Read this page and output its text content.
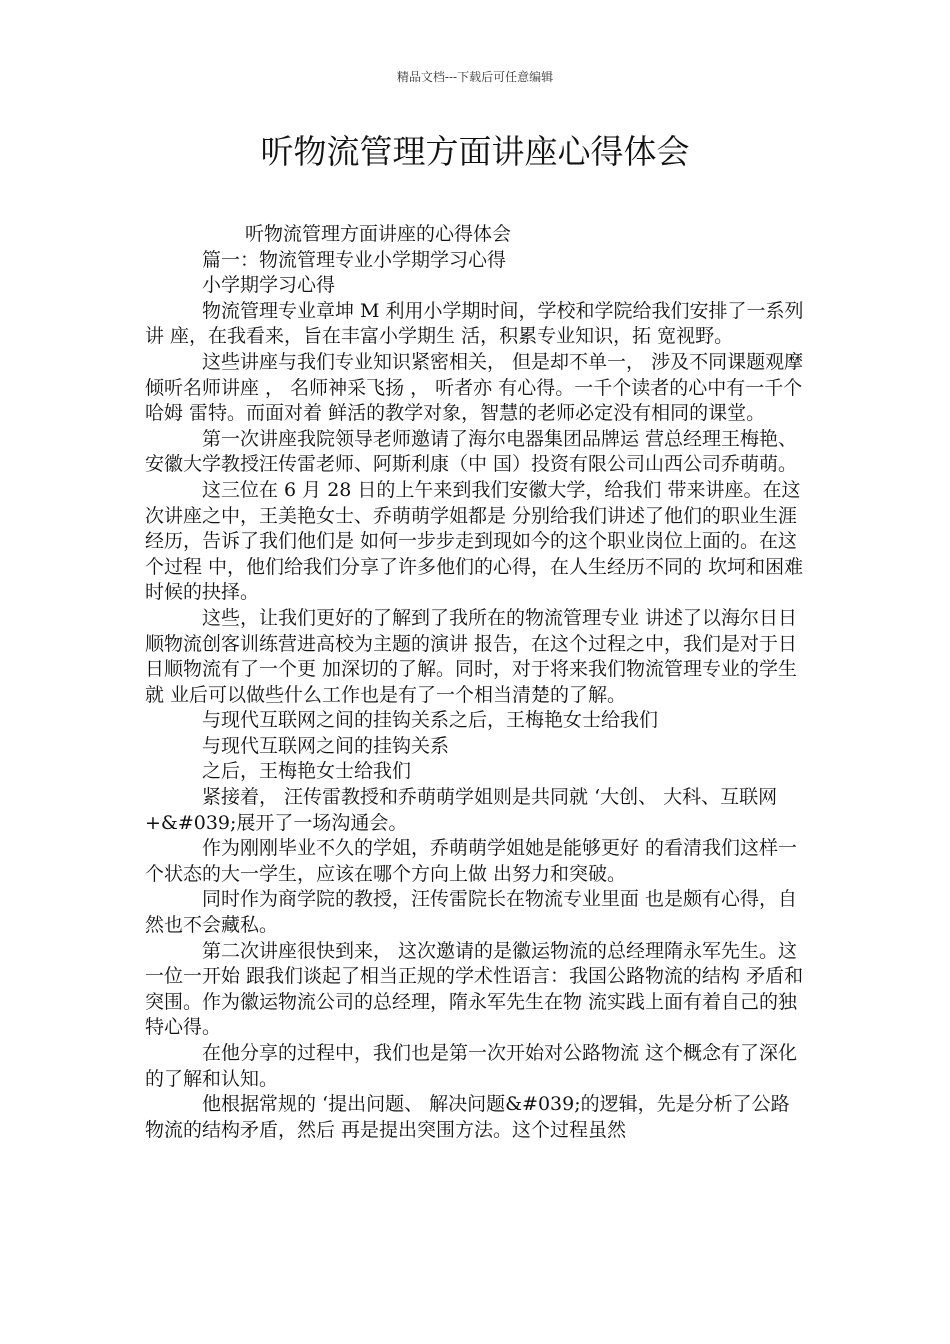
精品文档---下载后可任意编辑
听物流管理方面讲座心得体会

听物流管理方面讲座的心得体会

篇一：物流管理专业小学期学习心得

小学期学习心得

物流管理专业章坤 M 利用小学期时间，学校和学院给我们安排了一系列讲 座，在我看来，旨在丰富小学期生 活，积累专业知识，拓 宽视野。

这些讲座与我们专业知识紧密相关， 但是却不单一， 涉及不同课题观摩倾听名师讲座 ， 名师神采飞扬 ， 听者亦 有心得。一千个读者的心中有一千个哈姆 雷特。而面对着 鲜活的教学对象，智慧的老师必定没有相同的课堂。

第一次讲座我院领导老师邀请了海尔电器集团品牌运 营总经理王梅艳、安徽大学教授汪传雷老师、阿斯利康（中 国）投资有限公司山西公司乔萌萌。

这三位在 6 月 28 日的上午来到我们安徽大学，给我们 带来讲座。在这次讲座之中，王美艳女士、乔萌萌学姐都是 分别给我们讲述了他们的职业生涯经历，告诉了我们他们是 如何一步步走到现如今的这个职业岗位上面的。在这个过程 中，他们给我们分享了许多他们的心得，在人生经历不同的 坎坷和困难时候的抉择。

这些，让我们更好的了解到了我所在的物流管理专业 讲述了以海尔日日顺物流创客训练营进高校为主题的演讲 报告，在这个过程之中，我们是对于日日顺物流有了一个更 加深切的了解。同时，对于将来我们物流管理专业的学生就 业后可以做些什么工作也是有了一个相当清楚的了解。

与现代互联网之间的挂钩关系之后，王梅艳女士给我们

与现代互联网之间的挂钩关系

之后，王梅艳女士给我们

紧接着， 汪传雷教授和乔萌萌学姐则是共同就 ‘大创、 大科、互联网 +&#039;展开了一场沟通会。

作为刚刚毕业不久的学姐，乔萌萌学姐她是能够更好 的看清我们这样一个状态的大一学生，应该在哪个方向上做 出努力和突破。

同时作为商学院的教授，汪传雷院长在物流专业里面 也是颇有心得，自然也不会藏私。

第二次讲座很快到来， 这次邀请的是徽运物流的总经理隋永军先生。这一位一开始 跟我们谈起了相当正规的学术性语言：我国公路物流的结构 矛盾和突围。作为徽运物流公司的总经理，隋永军先生在物 流实践上面有着自己的独特心得。

在他分享的过程中，我们也是第一次开始对公路物流 这个概念有了深化的了解和认知。

他根据常规的 ‘提出问题、 解决问题&#039;的逻辑，先是分析了公路物流的结构矛盾，然后 再是提出突围方法。这个过程虽然
